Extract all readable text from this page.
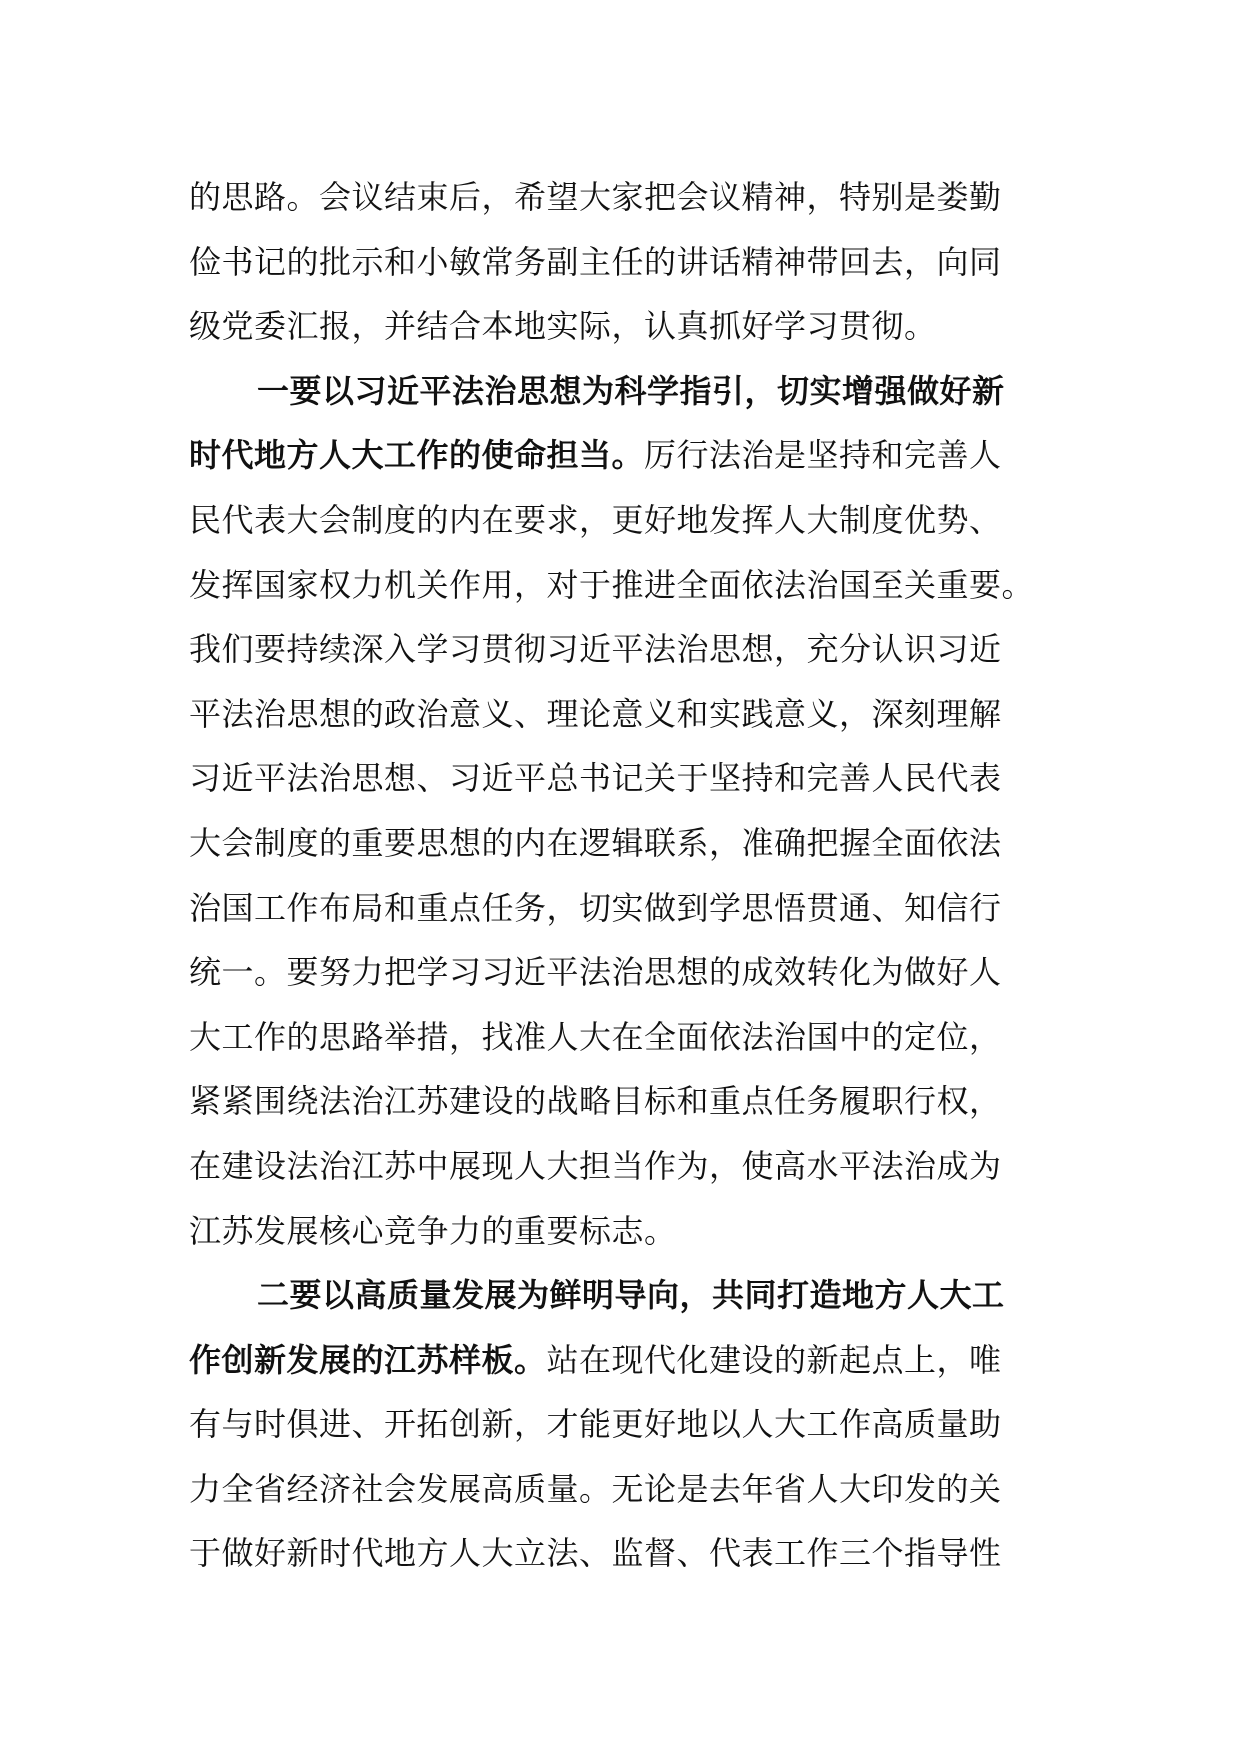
的思路。会议结束后，希望大家把会议精神，特别是娄勤
俭书记的批示和小敏常务副主任的讲话精神带回去，向同
级党委汇报，并结合本地实际，认真抓好学习贯彻。
一要以习近平法治思想为科学指引，切实增强做好新
时代地方人大工作的使命担当。厉行法治是坚持和完善人
民代表大会制度的内在要求，更好地发挥人大制度优势、
发挥国家权力机关作用，对于推进全面依法治国至关重要。
我们要持续深入学习贯彻习近平法治思想，充分认识习近
平法治思想的政治意义、理论意义和实践意义，深刻理解
习近平法治思想、习近平总书记关于坚持和完善人民代表
大会制度的重要思想的内在逻辑联系，准确把握全面依法
治国工作布局和重点任务，切实做到学思悟贯通、知信行
统一。要努力把学习习近平法治思想的成效转化为做好人
大工作的思路举措，找准人大在全面依法治国中的定位，
紧紧围绕法治江苏建设的战略目标和重点任务履职行权，
在建设法治江苏中展现人大担当作为，使高水平法治成为
江苏发展核心竞争力的重要标志。
二要以高质量发展为鲜明导向，共同打造地方人大工
作创新发展的江苏样板。站在现代化建设的新起点上，唯
有与时俱进、开拓创新，才能更好地以人大工作高质量助
力全省经济社会发展高质量。无论是去年省人大印发的关
于做好新时代地方人大立法、监督、代表工作三个指导性
